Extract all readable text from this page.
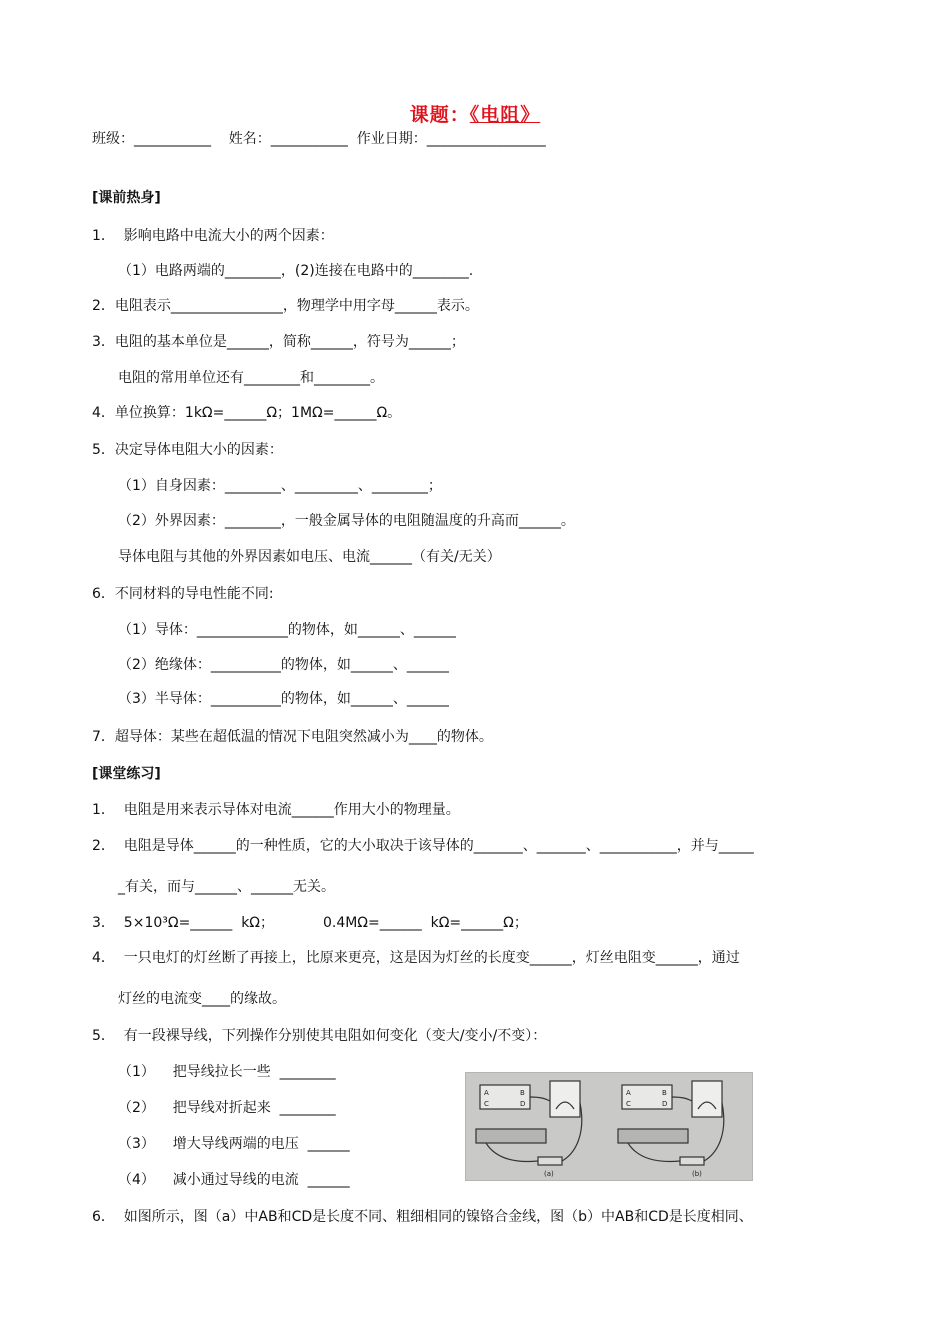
课题：《电阻》
班级：___________    姓名：___________  作业日期：_________________
[课前热身]
1．  影响电路中电流大小的两个因素：
（1）电路两端的________，(2)连接在电路中的________.
2．电阻表示________________，物理学中用字母______表示。
3．电阻的基本单位是______，简称______，符号为______；
电阻的常用单位还有________和________。
4．单位换算：1kΩ=______Ω；1MΩ=______Ω。
5．决定导体电阻大小的因素：
（1）自身因素：________、_________、________；
（2）外界因素：________，一般金属导体的电阻随温度的升高而______。
导体电阻与其他的外界因素如电压、电流______（有关/无关）
6．不同材料的导电性能不同:
（1）导体：_____________的物体，如______、______
（2）绝缘体：__________的物体，如______、______
（3）半导体：__________的物体，如______、______
7．超导体：某些在超低温的情况下电阻突然减小为____的物体。
[课堂练习]
1．  电阻是用来表示导体对电流______作用大小的物理量。
2．  电阻是导体______的一种性质，它的大小取决于该导体的_______、_______、___________，并与_____
_有关，而与______、______无关。
3．  5×10³Ω=______  kΩ；           0.4MΩ=______  kΩ=______Ω；
4．  一只电灯的灯丝断了再接上，比原来更亮，这是因为灯丝的长度变______，灯丝电阻变______，通过
灯丝的电流变____的缘故。
5．  有一段裸导线，下列操作分别使其电阻如何变化（变大/变小/不变）：
（1）    把导线拉长一些  ________
（2）    把导线对折起来  ________
（3）    增大导线两端的电压  ______
（4）    减小通过导线的电流  ______
6．  如图所示，图（a）中AB和CD是长度不同、粗细相同的镍铬合金线，图（b）中AB和CD是长度相同、
A	B
C	D
A	B
C	D
(a)	(b)
